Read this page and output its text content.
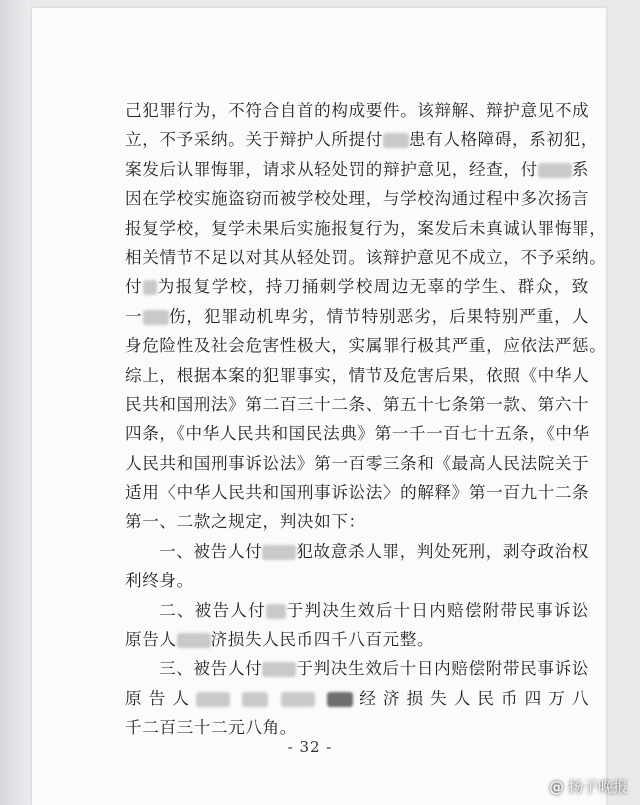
己犯罪行为，不符合自首的构成要件。该辩解、辩护意见不成
立，不予采纳。关于辩护人所提付 患有人格障碍，系初犯，
案发后认罪悔罪，请求从轻处罚的辩护意见，经查，付 系
因在学校实施盗窃而被学校处理，与学校沟通过程中多次扬言
报复学校，复学未果后实施报复行为，案发后未真诚认罪悔罪，
相关情节不足以对其从轻处罚。该辩护意见不成立，不予采纳。
付 为报复学校，持刀捅刺学校周边无辜的学生、群众，致
一 伤，犯罪动机卑劣，情节特别恶劣，后果特别严重，人
身危险性及社会危害性极大，实属罪行极其严重，应依法严惩。
综上，根据本案的犯罪事实，情节及危害后果，依照《中华人
民共和国刑法》第二百三十二条、第五十七条第一款、第六十
四条，《中华人民共和国民法典》第一千一百七十五条，《中华
人民共和国刑事诉讼法》第一百零三条和《最高人民法院关于
适用〈中华人民共和国刑事诉讼法〉的解释》第一百九十二条
第一、二款之规定，判决如下：
一、被告人付 犯故意杀人罪，判处死刑，剥夺政治权
利终身。
二、被告人付 于判决生效后十日内赔偿附带民事诉讼
原告人 济损失人民币四千八百元整。
三、被告人付 于判决生效后十日内赔偿附带民事诉讼
原告人	经济损失人民币四万八
千二百三十二元八角。
- 32 -
@ 扬子晚报
